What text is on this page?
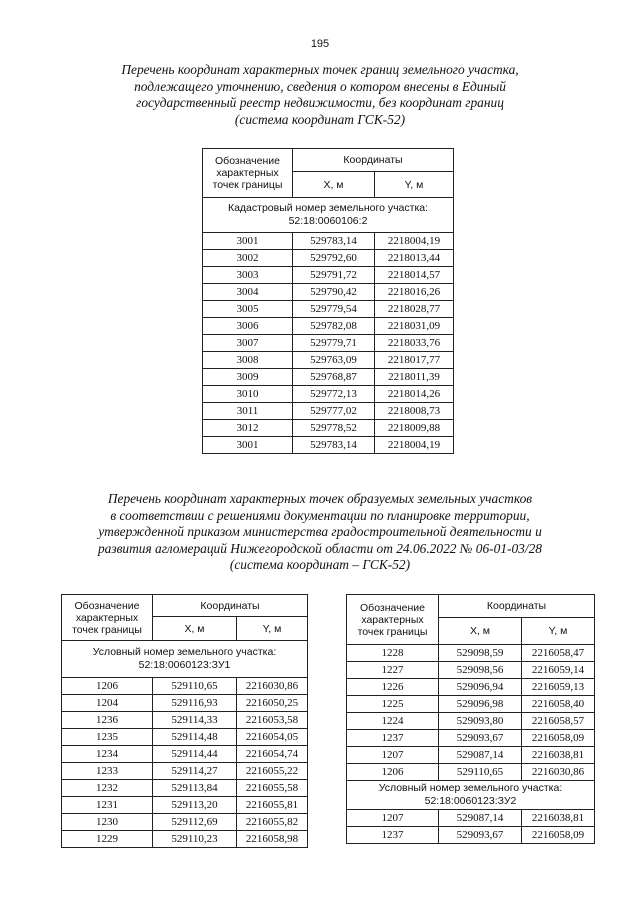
195
Перечень координат характерных точек границ земельного участка,
подлежащего уточнению, сведения о котором внесены в Единый
государственный реестр недвижимости, без координат границ
(система координат ГСК-52)
Обозначение характерных точек границы	Координаты	
	X, м	Y, м

Кадастровый номер земельного участка:
52:18:0060106:2		

3001	529783,14	2218004,19
3002	529792,60	2218013,44
3003	529791,72	2218014,57
3004	529790,42	2218016,26
3005	529779,54	2218028,77
3006	529782,08	2218031,09
3007	529779,71	2218033,76
3008	529763,09	2218017,77
3009	529768,87	2218011,39
3010	529772,13	2218014,26
3011	529777,02	2218008,73
3012	529778,52	2218009,88
3001	529783,14	2218004,19
Перечень координат характерных точек образуемых земельных участков
в соответствии с решениями документации по планировке территории,
утвержденной приказом министерства градостроительной деятельности и
развития агломераций Нижегородской области от 24.06.2022 № 06-01-03/28
(система координат – ГСК-52)
Обозначение характерных точек границы	Координаты	
	X, м	Y, м

Условный номер земельного участка:
52:18:0060123:ЗУ1		

1206	529110,65	2216030,86
1204	529116,93	2216050,25
1236	529114,33	2216053,58
1235	529114,48	2216054,05
1234	529114,44	2216054,74
1233	529114,27	2216055,22
1232	529113,84	2216055,58
1231	529113,20	2216055,81
1230	529112,69	2216055,82
1229	529110,23	2216058,98
Обозначение характерных точек границы	Координаты	
	X, м	Y, м
1228	529098,59	2216058,47
1227	529098,56	2216059,14
1226	529096,94	2216059,13
1225	529096,98	2216058,40
1224	529093,80	2216058,57
1237	529093,67	2216058,09
1207	529087,14	2216038,81
1206	529110,65	2216030,86

Условный номер земельного участка:
52:18:0060123:ЗУ2		

1207	529087,14	2216038,81
1237	529093,67	2216058,09
